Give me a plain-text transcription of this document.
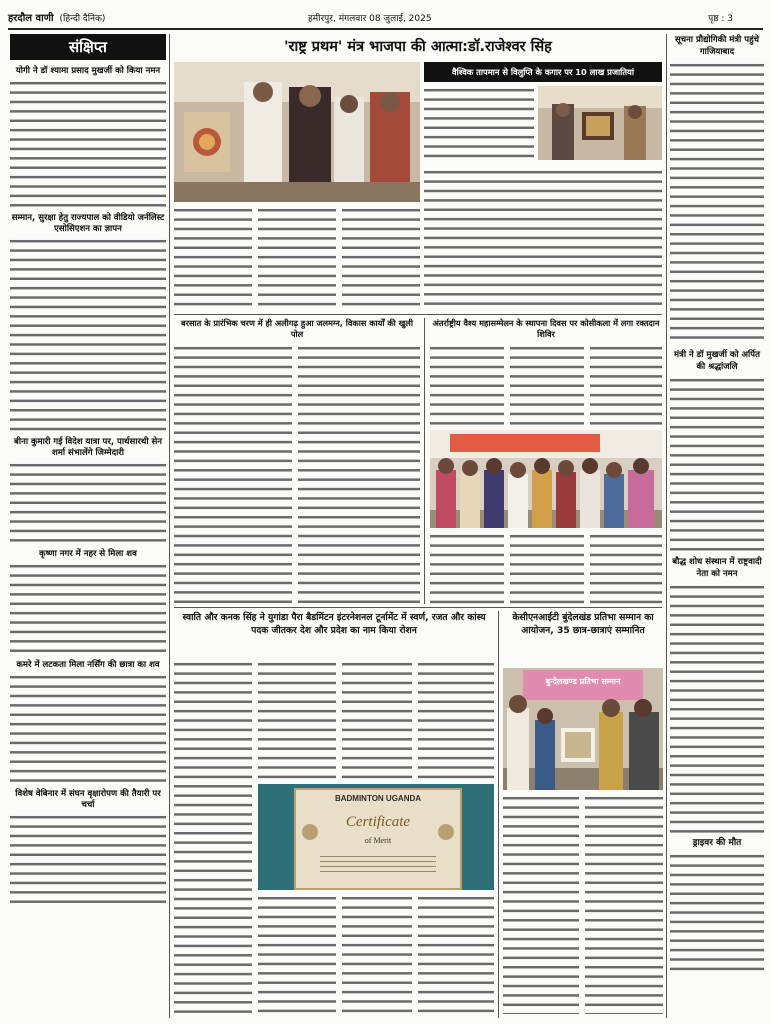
हरदौल वाणी (हिन्दी दैनिक)	हमीरपुर, मंगलवार 08 जुलाई, 2025	पृष्ठ : 3
संक्षिप्त
योगी ने डॉ श्यामा प्रसाद मुखर्जी को किया नमन
सम्मान, सुरक्षा हेतु राज्यपाल को वीडियो जर्नलिस्ट एसोसिएशन का ज्ञापन
बीना कुमारी गई विदेश यात्रा पर, पार्थसारथी सेन शर्मा संभालेंगे जिम्मेदारी
कृष्णा नगर में नहर से मिला शव
कमरे में लटकता मिला नर्सिंग की छात्रा का शव
विशेष वेबिनार में संघन वृक्षारोपण की तैयारी पर चर्चा
'राष्ट्र प्रथम' मंत्र भाजपा की आत्मा:डॉ.राजेश्वर सिंह
वैश्विक तापमान से विलुप्ति के कगार पर 10 लाख प्रजातियां
बरसात के प्रारंभिक चरण में ही अलीगढ़ हुआ जलमग्न, विकास कार्यों की खुली पोल
अंतर्राष्ट्रीय वैश्य महासम्मेलन के स्थापना दिवस पर कोसीकला में लगा रक्तदान शिविर
स्वाति और कनक सिंह ने युगांडा पैरा बैडमिंटन इंटरनेशनल टूर्नामेंट में स्वर्ण, रजत और कांस्य पदक जीतकर देश और प्रदेश का नाम किया रोशन
BADMINTON UGANDA
Certificate
of Merit
केसीएनआईटी बुंदेलखंड प्रतिभा सम्मान का आयोजन, 35 छात्र-छात्राएं सम्मानित
बुन्देलखण्ड प्रतिभा सम्मान
सूचना प्रौद्योगिकी मंत्री पहुंचे गाजियाबाद
मंत्री ने डॉ मुखर्जी को अर्पित की श्रद्धांजलि
बौद्ध शोध संस्थान में राष्ट्रवादी नेता को नमन
ड्राइवर की मौत
